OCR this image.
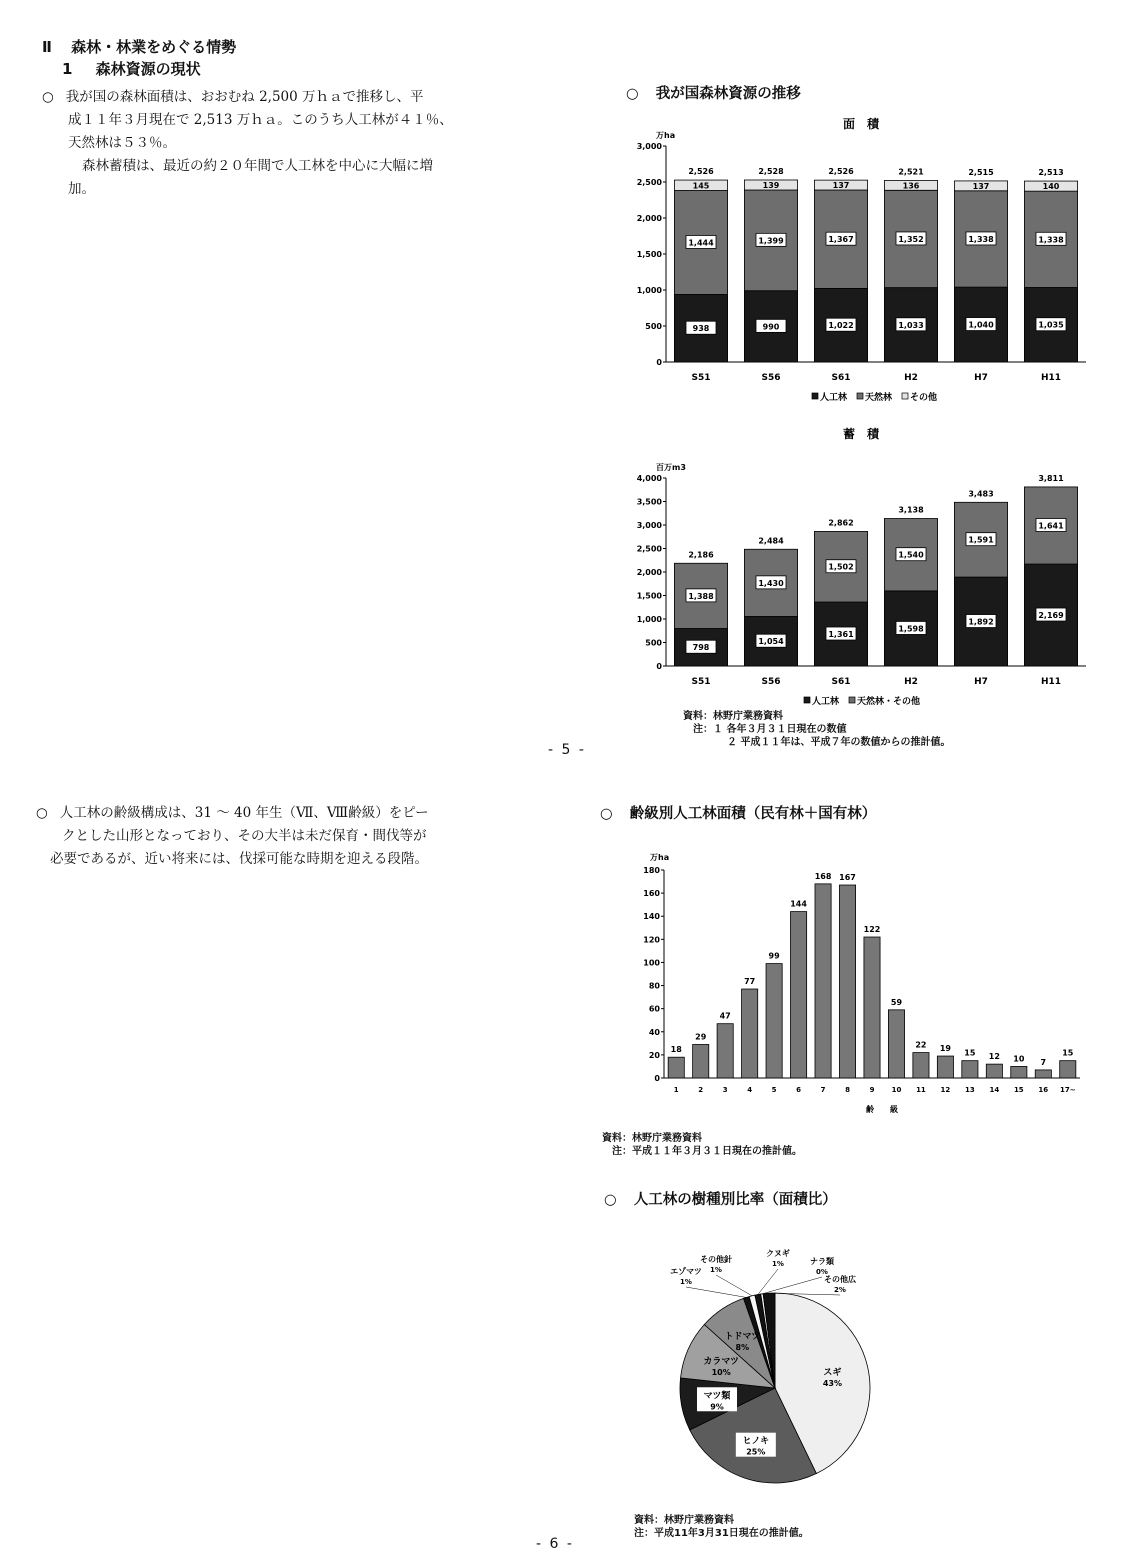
Ⅱ 森林・林業をめぐる情勢
1 森林資源の現状
○ 我が国の森林面積は、おおむね 2,500 万ｈａで推移し、平
成１１年３月現在で 2,513 万ｈａ。このうち人工林が４１％、
天然林は５３％。
森林蓄積は、最近の約２０年間で人工林を中心に大幅に増
加。
○ 人工林の齢級構成は、31 ～ 40 年生（Ⅶ、Ⅷ齢級）をピー
クとした山形となっており、その大半は未だ保育・間伐等が
必要であるが、近い将来には、伐採可能な時期を迎える段階。
○ 我が国森林資源の推移
面　積
万ha
0
500
1,000
1,500
2,000
2,500
3,000
938
1,444
145
2,526
S51
990
1,399
139
2,528
S56
1,022
1,367
137
2,526
S61
1,033
1,352
136
2,521
H2
1,040
1,338
137
2,515
H7
1,035
1,338
140
2,513
H11
人工林 天然林 その他
蓄　積
百万m3
0
500
1,000
1,500
2,000
2,500
3,000
3,500
4,000
798
1,388
2,186
S51
1,054
1,430
2,484
S56
1,361
1,502
2,862
S61
1,598
1,540
3,138
H2
1,892
1,591
3,483
H7
2,169
1,641
3,811
H11
人工林 天然林・その他
資料：林野庁業務資料
注：１ 各年３月３１日現在の数値
２ 平成１１年は、平成７年の数値からの推計値。
- 5 -
○ 齢級別人工林面積（民有林＋国有林）
万ha
0
20
40
60
80
100
120
140
160
180
18
1
29
2
47
3
77
4
99
5
144
6
168
7
167
8
122
9
59
10
22
11
19
12
15
13
12
14
10
15
7
16
15
17~
齢　　級
資料：林野庁業務資料
注：平成１１年３月３１日現在の推計値。
○ 人工林の樹種別比率（面積比）
スギ
43%
ヒノキ
25%
マツ類
9%
カラマツ
10%
トドマツ
8%
エゾマツ
1%
その他針
1%
クヌギ
1%	ナラ類
0%
その他広
2%
資料：林野庁業務資料
注：平成11年3月31日現在の推計値。
- 6 -
